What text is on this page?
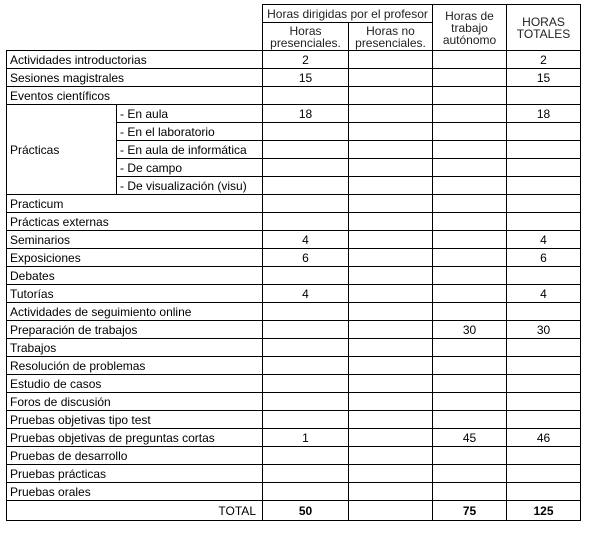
		Horas dirigidas por el profesor		Horas de trabajo autónomo	HORAS TOTALES
		Horas presenciales.	Horas no presenciales.		
Actividades introductorias		2			2
Sesiones magistrales		15			15
Eventos científicos					
Prácticas	- En aula	18			18
	- En el laboratorio				
	- En aula de informática				
	- De campo				
	- De visualización (visu)				
Practicum					
Prácticas externas					
Seminarios		4			4
Exposiciones		6			6
Debates					
Tutorías		4			4
Actividades de seguimiento online					
Preparación de trabajos				30	30
Trabajos					
Resolución de problemas					
Estudio de casos					
Foros de discusión					
Pruebas objetivas tipo test					
Pruebas objetivas de preguntas cortas		1		45	46
Pruebas de desarrollo					
Pruebas prácticas					
Pruebas orales					
TOTAL		50		75	125
